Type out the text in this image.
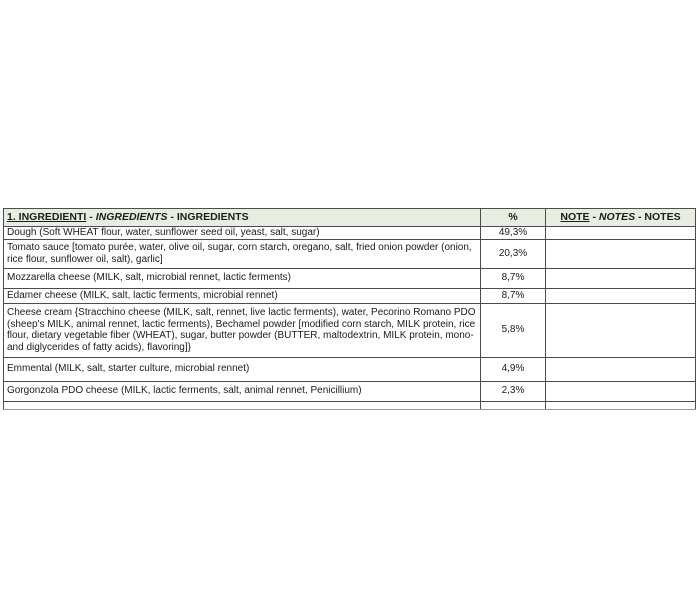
1. INGREDIENTI - INGREDIENTS - INGREDIENTS	%	NOTE - NOTES - NOTES
Dough (Soft WHEAT flour, water, sunflower seed oil, yeast, salt, sugar)	49,3%	
Tomato sauce [tomato purée, water, olive oil, sugar, corn starch, oregano, salt, fried onion powder (onion, rice flour, sunflower oil, salt), garlic]	20,3%	
Mozzarella cheese (MILK, salt, microbial rennet, lactic ferments)	8,7%	
Edamer cheese (MILK, salt, lactic ferments, microbial rennet)	8,7%	
Cheese cream {Stracchino cheese (MILK, salt, rennet, live lactic ferments), water, Pecorino Romano PDO (sheep's MILK, animal rennet, lactic ferments), Bechamel powder [modified corn starch, MILK protein, rice flour, dietary vegetable fiber (WHEAT), sugar, butter powder (BUTTER, maltodextrin, MILK protein, mono- and diglycerides of fatty acids), flavoring]}	5,8%	
Emmental (MILK, salt, starter culture, microbial rennet)	4,9%	
Gorgonzola PDO cheese (MILK, lactic ferments, salt, animal rennet, Penicillium)	2,3%	
